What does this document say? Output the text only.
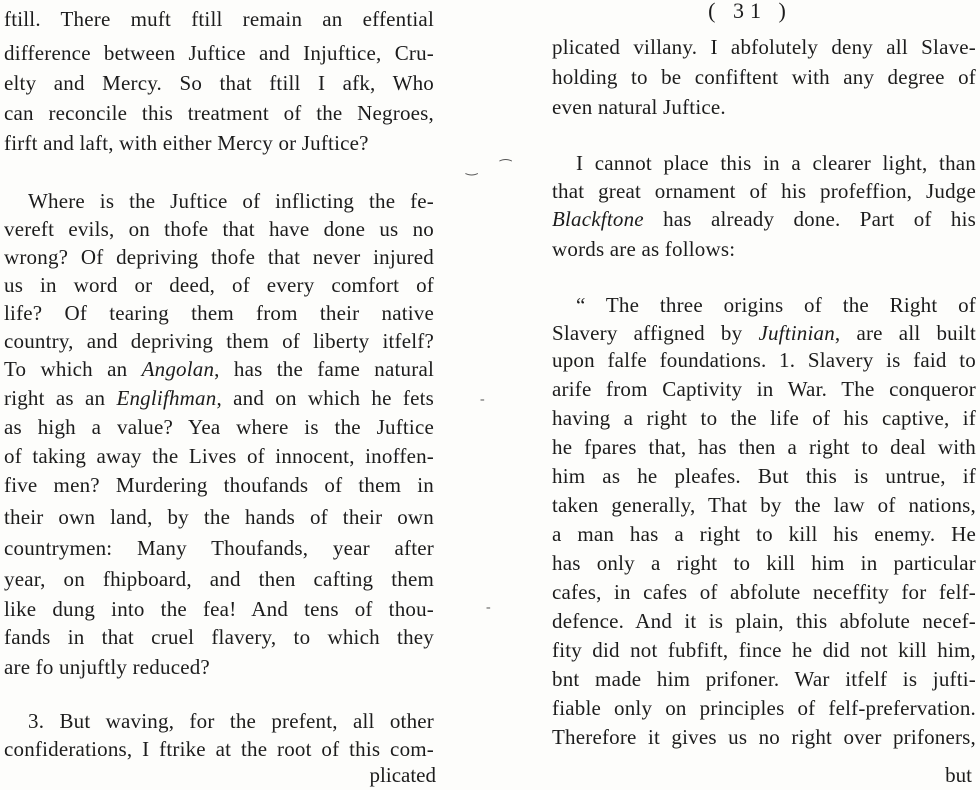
ftill. There muft ftill remain an effential
difference between Juftice and Injuftice, Cru-
elty and Mercy. So that ftill I afk, Who
can reconcile this treatment of the Negroes,
firft and laft, with either Mercy or Juftice?
Where is the Juftice of inflicting the fe-
vereft evils, on thofe that have done us no
wrong? Of depriving thofe that never injured
us in word or deed, of every comfort of
life? Of tearing them from their native
country, and depriving them of liberty itfelf?
To which an Angolan, has the fame natural
right as an Englifhman, and on which he fets
as high a value? Yea where is the Juftice
of taking away the Lives of innocent, inoffen-
five men? Murdering thoufands of them in
their own land, by the hands of their own
countrymen: Many Thoufands, year after
year, on fhipboard, and then cafting them
like dung into the fea! And tens of thou-
fands in that cruel flavery, to which they
are fo unjuftly reduced?
3. But waving, for the prefent, all other
confiderations, I ftrike at the root of this com-
plicated
‿ ⁀
-
-
( 31 )
plicated villany. I abfolutely deny all Slave-
holding to be confiftent with any degree of
even natural Juftice.
I cannot place this in a clearer light, than
that great ornament of his profeffion, Judge
Blackftone has already done. Part of his
words are as follows:
“ The three origins of the Right of
Slavery affigned by Juftinian, are all built
upon falfe foundations. 1. Slavery is faid to
arife from Captivity in War. The conqueror
having a right to the life of his captive, if
he fpares that, has then a right to deal with
him as he pleafes. But this is untrue, if
taken generally, That by the law of nations,
a man has a right to kill his enemy. He
has only a right to kill him in particular
cafes, in cafes of abfolute neceffity for felf-
defence. And it is plain, this abfolute necef-
fity did not fubfift, fince he did not kill him,
bnt made him prifoner. War itfelf is jufti-
fiable only on principles of felf-prefervation.
Therefore it gives us no right over prifoners,
but
